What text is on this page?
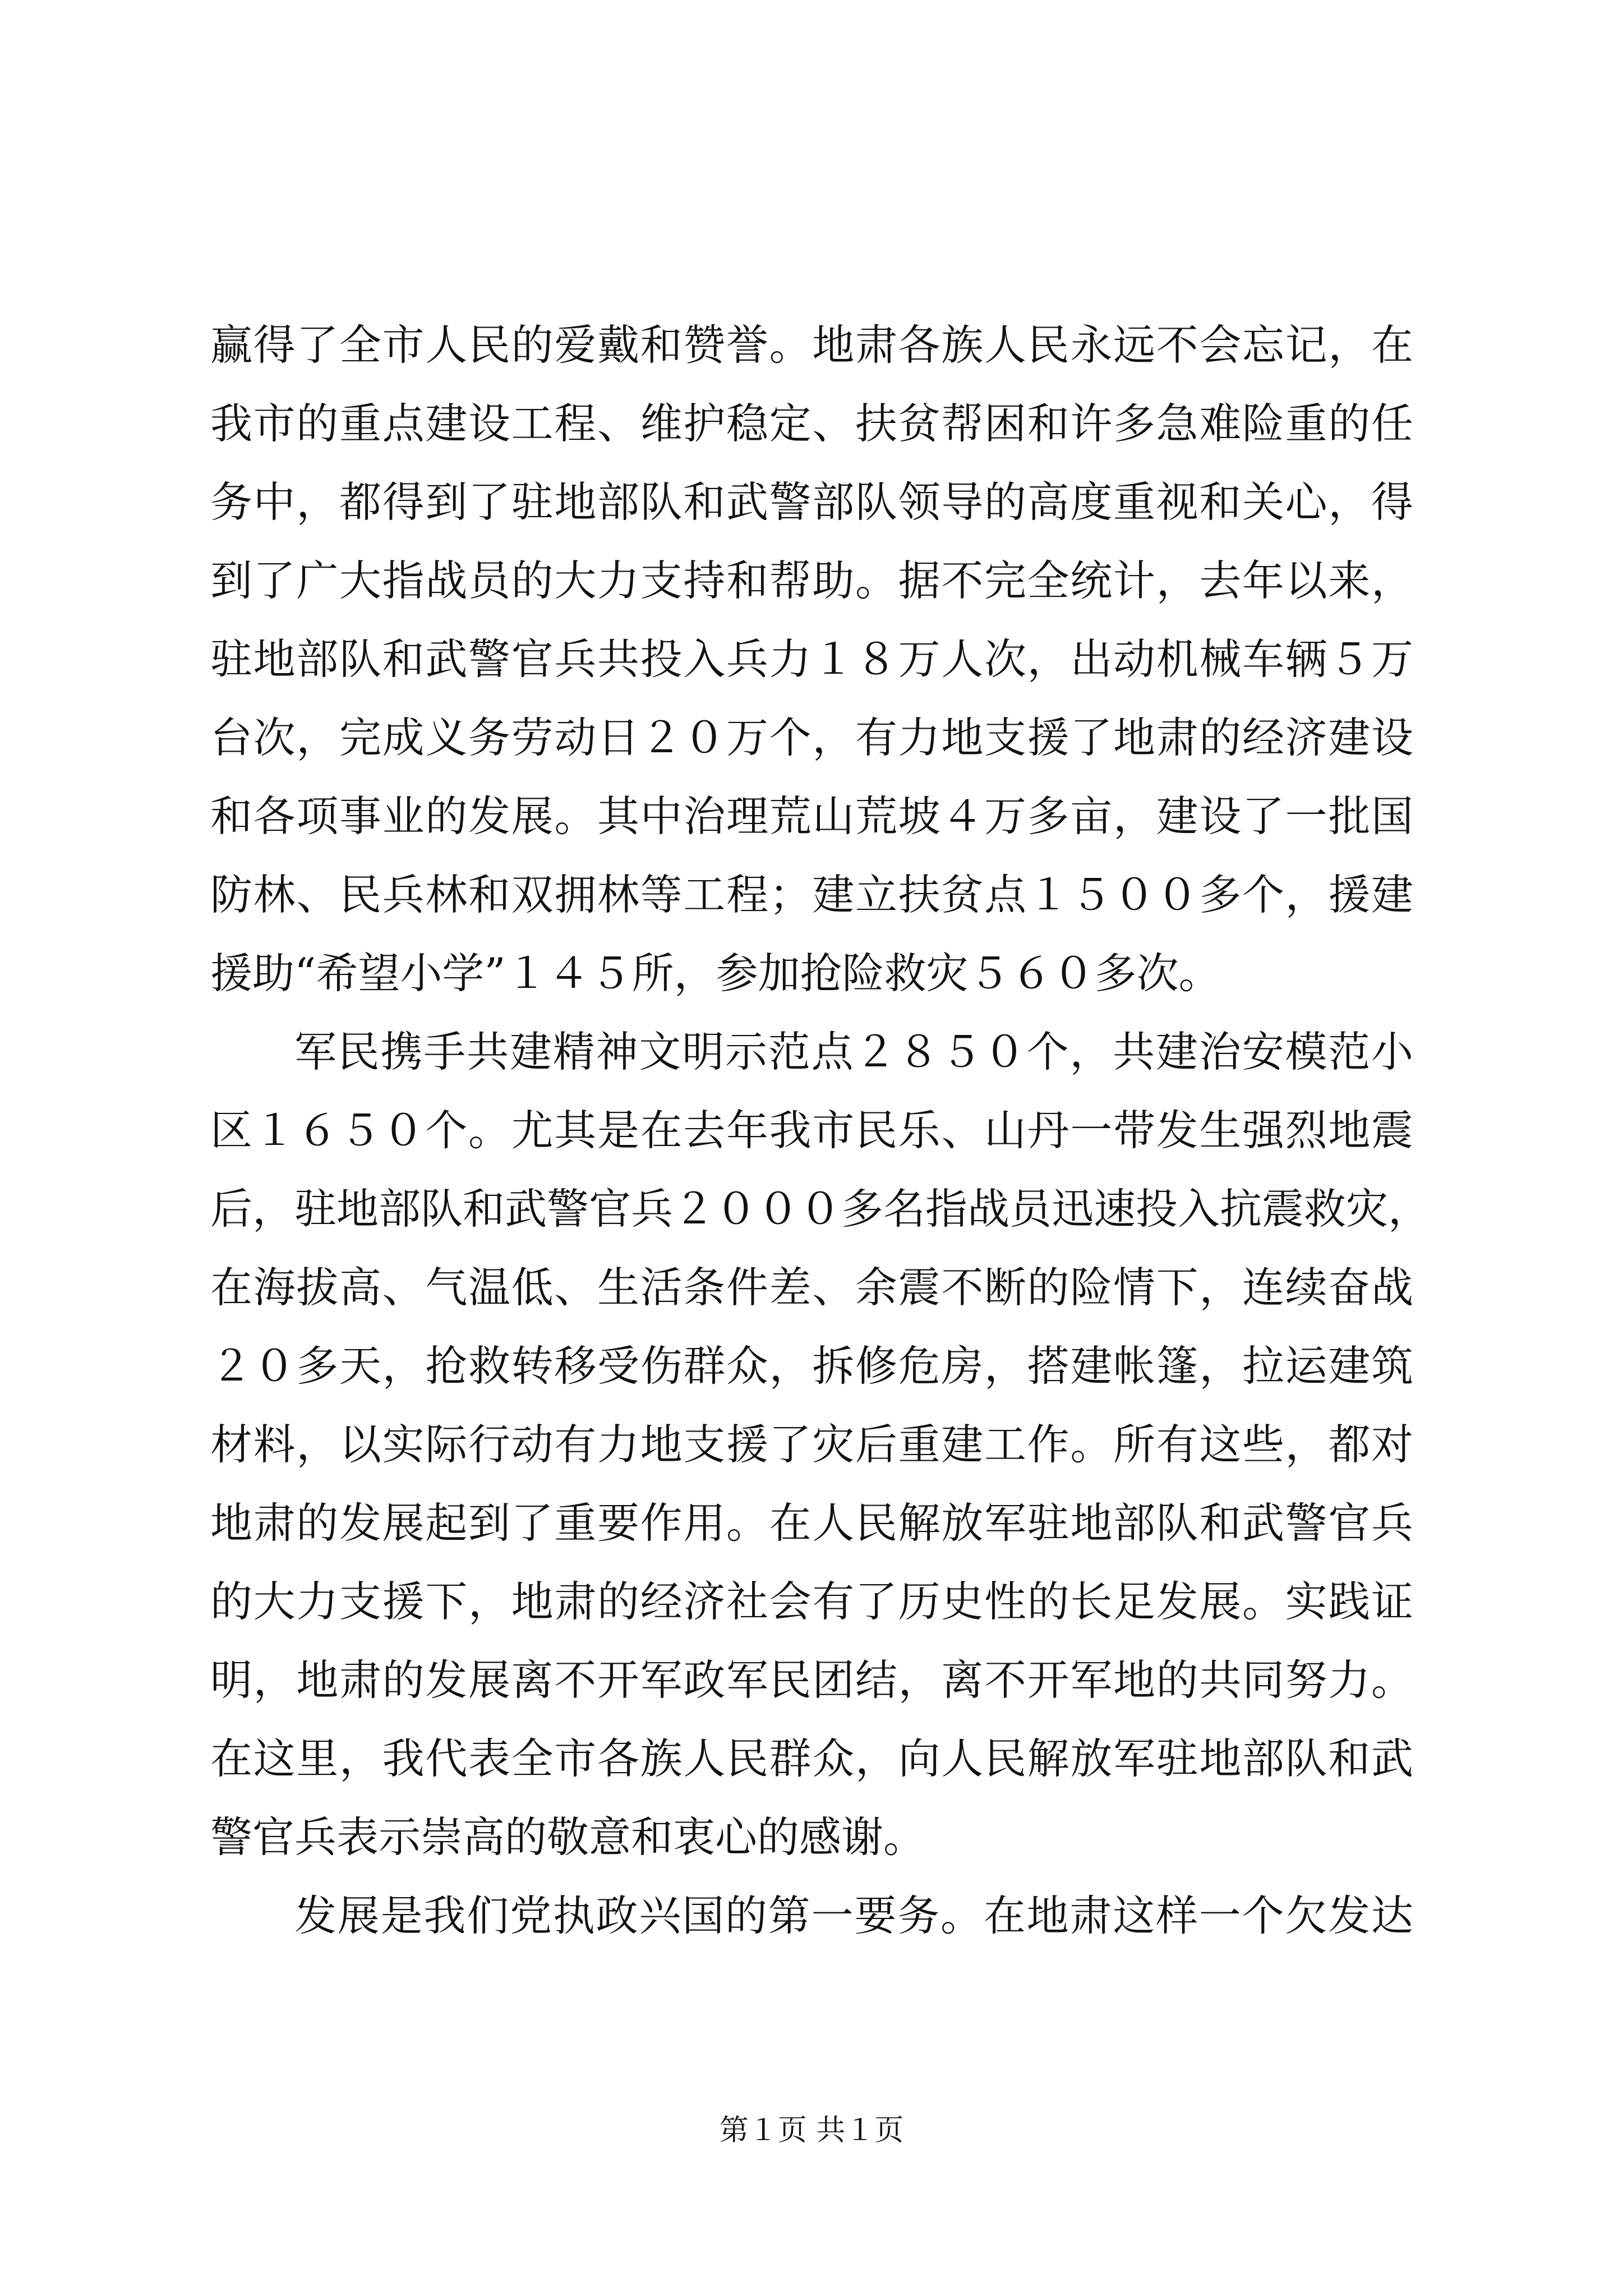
赢得了全市人民的爱戴和赞誉。地肃各族人民永远不会忘记，在
我市的重点建设工程、维护稳定、扶贫帮困和许多急难险重的任
务中，都得到了驻地部队和武警部队领导的高度重视和关心，得
到了广大指战员的大力支持和帮助。据不完全统计，去年以来，
驻地部队和武警官兵共投入兵力１８万人次，出动机械车辆５万
台次，完成义务劳动日２０万个，有力地支援了地肃的经济建设
和各项事业的发展。其中治理荒山荒坡４万多亩，建设了一批国
防林、民兵林和双拥林等工程；建立扶贫点１５００多个，援建
援助“希望小学”１４５所，参加抢险救灾５６０多次。
军民携手共建精神文明示范点２８５０个，共建治安模范小
区１６５０个。尤其是在去年我市民乐、山丹一带发生强烈地震
后，驻地部队和武警官兵２０００多名指战员迅速投入抗震救灾，
在海拔高、气温低、生活条件差、余震不断的险情下，连续奋战
２０多天，抢救转移受伤群众，拆修危房，搭建帐篷，拉运建筑
材料，以实际行动有力地支援了灾后重建工作。所有这些，都对
地肃的发展起到了重要作用。在人民解放军驻地部队和武警官兵
的大力支援下，地肃的经济社会有了历史性的长足发展。实践证
明，地肃的发展离不开军政军民团结，离不开军地的共同努力。
在这里，我代表全市各族人民群众，向人民解放军驻地部队和武
警官兵表示崇高的敬意和衷心的感谢。
发展是我们党执政兴国的第一要务。在地肃这样一个欠发达
第１页 共１页
